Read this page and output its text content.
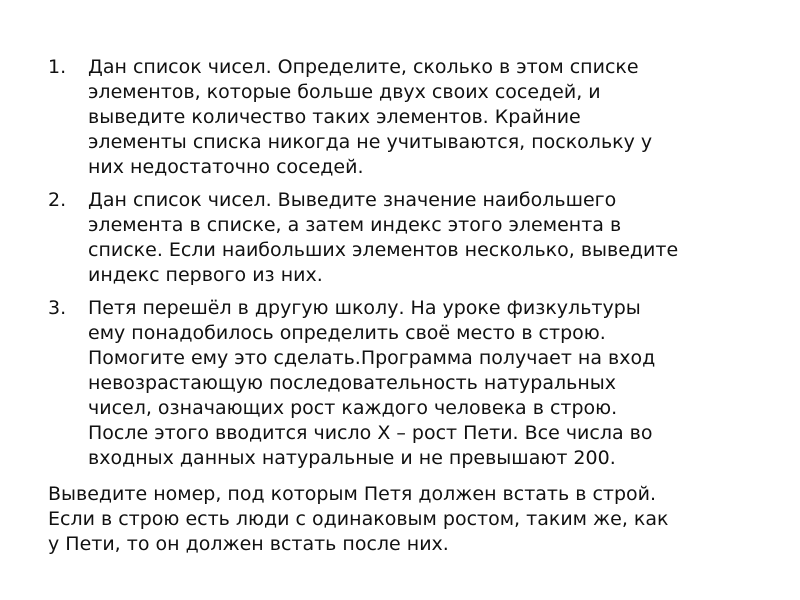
1.	Дан список чисел. Определите, сколько в этом списке
элементов, которые больше двух своих соседей, и
выведите количество таких элементов. Крайние
элементы списка никогда не учитываются, поскольку у
них недостаточно соседей.
2.	Дан список чисел. Выведите значение наибольшего
элемента в списке, а затем индекс этого элемента в
списке. Если наибольших элементов несколько, выведите
индекс первого из них.
3.	Петя перешёл в другую школу. На уроке физкультуры
ему понадобилось определить своё место в строю.
Помогите ему это сделать.Программа получает на вход
невозрастающую последовательность натуральных
чисел, означающих рост каждого человека в строю.
После этого вводится число X – рост Пети. Все числа во
входных данных натуральные и не превышают 200.

Выведите номер, под которым Петя должен встать в строй.
Если в строю есть люди с одинаковым ростом, таким же, как
у Пети, то он должен встать после них.
